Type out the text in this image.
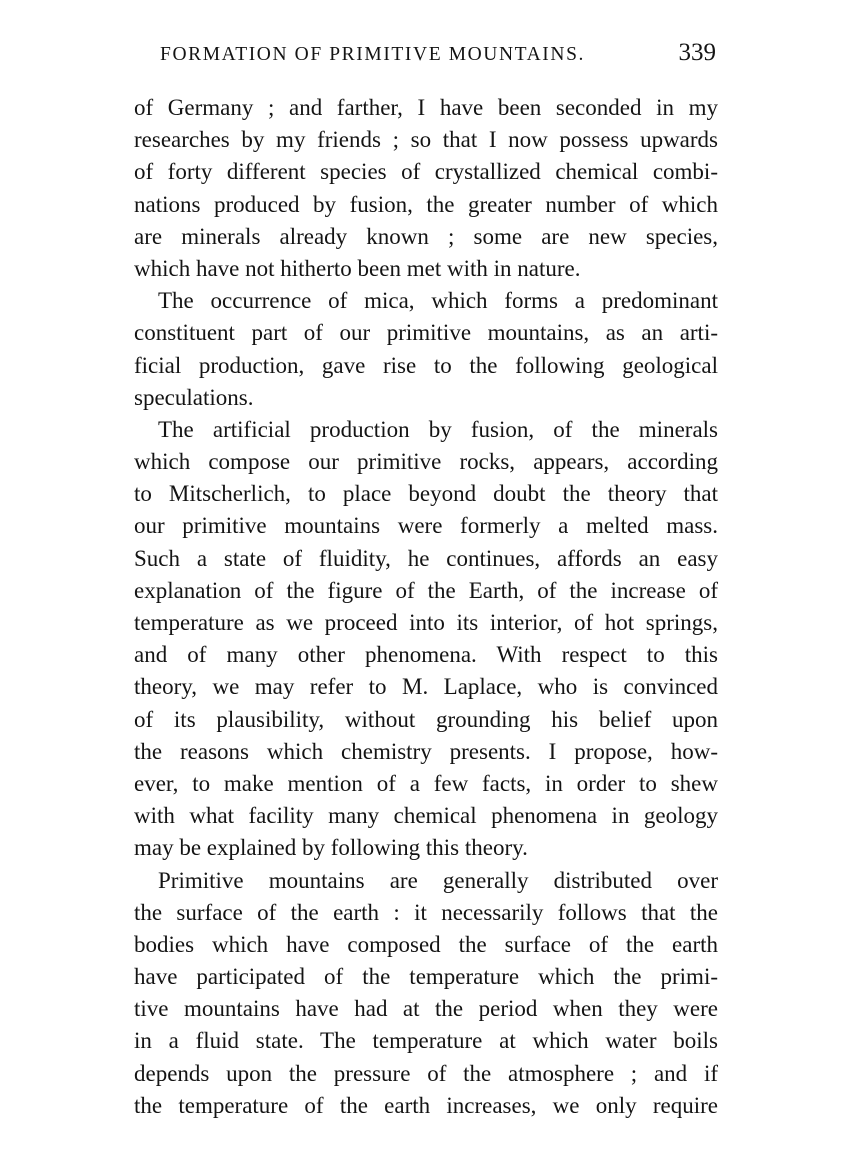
FORMATION OF PRIMITIVE MOUNTAINS.	339

of Germany ; and farther, I have been seconded in my
researches by my friends ; so that I now possess upwards
of forty different species of crystallized chemical combi-
nations produced by fusion, the greater number of which
are minerals already known ; some are new species,
which have not hitherto been met with in nature.

The occurrence of mica, which forms a predominant
constituent part of our primitive mountains, as an arti-
ficial production, gave rise to the following geological
speculations.

The artificial production by fusion, of the minerals
which compose our primitive rocks, appears, according
to Mitscherlich, to place beyond doubt the theory that
our primitive mountains were formerly a melted mass.
Such a state of fluidity, he continues, affords an easy
explanation of the figure of the Earth, of the increase of
temperature as we proceed into its interior, of hot springs,
and of many other phenomena. With respect to this
theory, we may refer to M. Laplace, who is convinced
of its plausibility, without grounding his belief upon
the reasons which chemistry presents. I propose, how-
ever, to make mention of a few facts, in order to shew
with what facility many chemical phenomena in geology
may be explained by following this theory.

Primitive mountains are generally distributed over
the surface of the earth : it necessarily follows that the
bodies which have composed the surface of the earth
have participated of the temperature which the primi-
tive mountains have had at the period when they were
in a fluid state. The temperature at which water boils
depends upon the pressure of the atmosphere ; and if
the temperature of the earth increases, we only require
